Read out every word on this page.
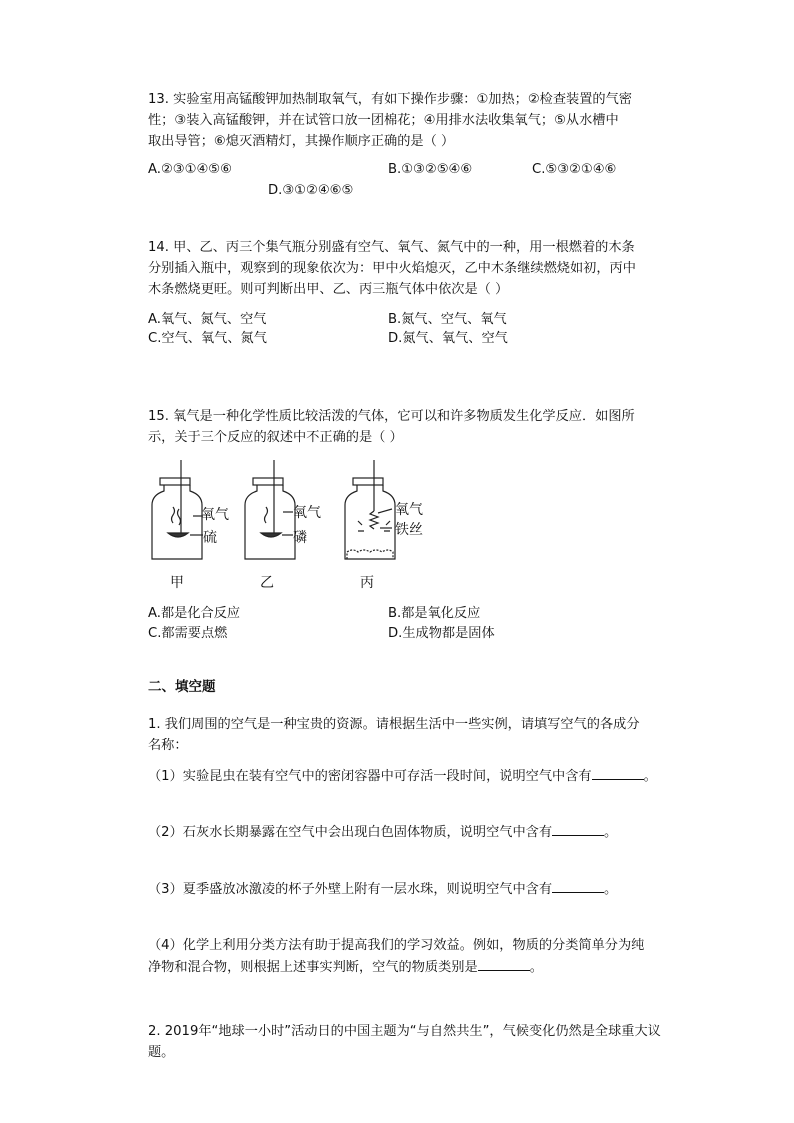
13. 实验室用高锰酸钾加热制取氧气，有如下操作步骤：①加热；②检查装置的气密
性；③装入高锰酸钾，并在试管口放一团棉花；④用排水法收集氧气；⑤从水槽中
取出导管；⑥熄灭酒精灯，其操作顺序正确的是（ ）
A.②③①④⑤⑥	B.①③②⑤④⑥	C.⑤③②①④⑥
D.③①②④⑥⑤
14. 甲、乙、丙三个集气瓶分别盛有空气、氧气、氮气中的一种，用一根燃着的木条
分别插入瓶中，观察到的现象依次为：甲中火焰熄灭，乙中木条继续燃烧如初，丙中
木条燃烧更旺。则可判断出甲、乙、丙三瓶气体中依次是（ ）
A.氧气、氮气、空气	B.氮气、空气、氧气
C.空气、氧气、氮气	D.氮气、氧气、空气
15. 氧气是一种化学性质比较活泼的气体，它可以和许多物质发生化学反应．如图所
示，关于三个反应的叙述中不正确的是（ ）
氧气
硫
甲
氧气
磷
乙
氧气
铁丝
丙
A.都是化合反应	B.都是氧化反应
C.都需要点燃	D.生成物都是固体
二、填空题
1. 我们周围的空气是一种宝贵的资源。请根据生活中一些实例，请填写空气的各成分
名称：
（1）实验昆虫在装有空气中的密闭容器中可存活一段时间，说明空气中含有	。
（2）石灰水长期暴露在空气中会出现白色固体物质，说明空气中含有	。
（3）夏季盛放冰激凌的杯子外壁上附有一层水珠，则说明空气中含有	。
（4）化学上利用分类方法有助于提高我们的学习效益。例如，物质的分类简单分为纯
净物和混合物，则根据上述事实判断，空气的物质类别是	。
2. 2019年“地球一小时”活动日的中国主题为“与自然共生”，气候变化仍然是全球重大议
题。
